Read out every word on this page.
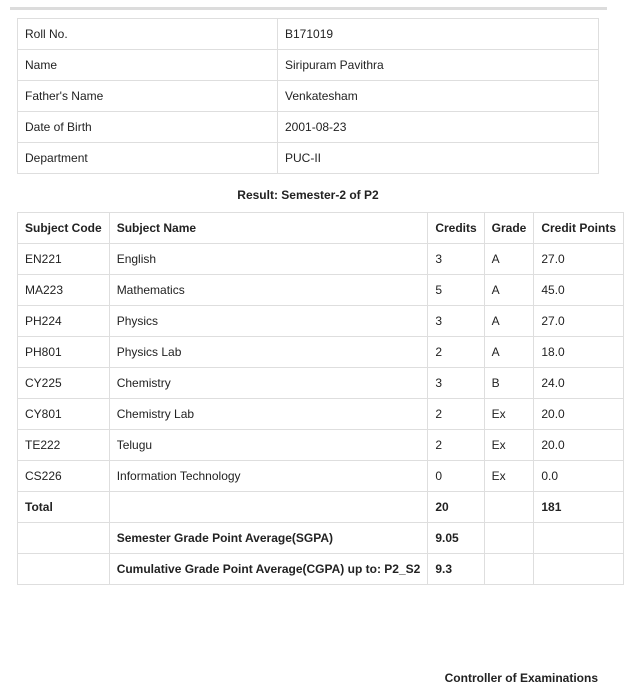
Roll No.	B171019
Name	Siripuram Pavithra
Father's Name	Venkatesham
Date of Birth	2001-08-23
Department	PUC-II
Result: Semester-2 of P2
Subject Code	Subject Name	Credits	Grade	Credit Points
EN221	English	3	A	27.0
MA223	Mathematics	5	A	45.0
PH224	Physics	3	A	27.0
PH801	Physics Lab	2	A	18.0
CY225	Chemistry	3	B	24.0
CY801	Chemistry Lab	2	Ex	20.0
TE222	Telugu	2	Ex	20.0
CS226	Information Technology	0	Ex	0.0
Total		20		181
	Semester Grade Point Average(SGPA)	9.05		
	Cumulative Grade Point Average(CGPA) up to: P2_S2	9.3		
Controller of Examinations
